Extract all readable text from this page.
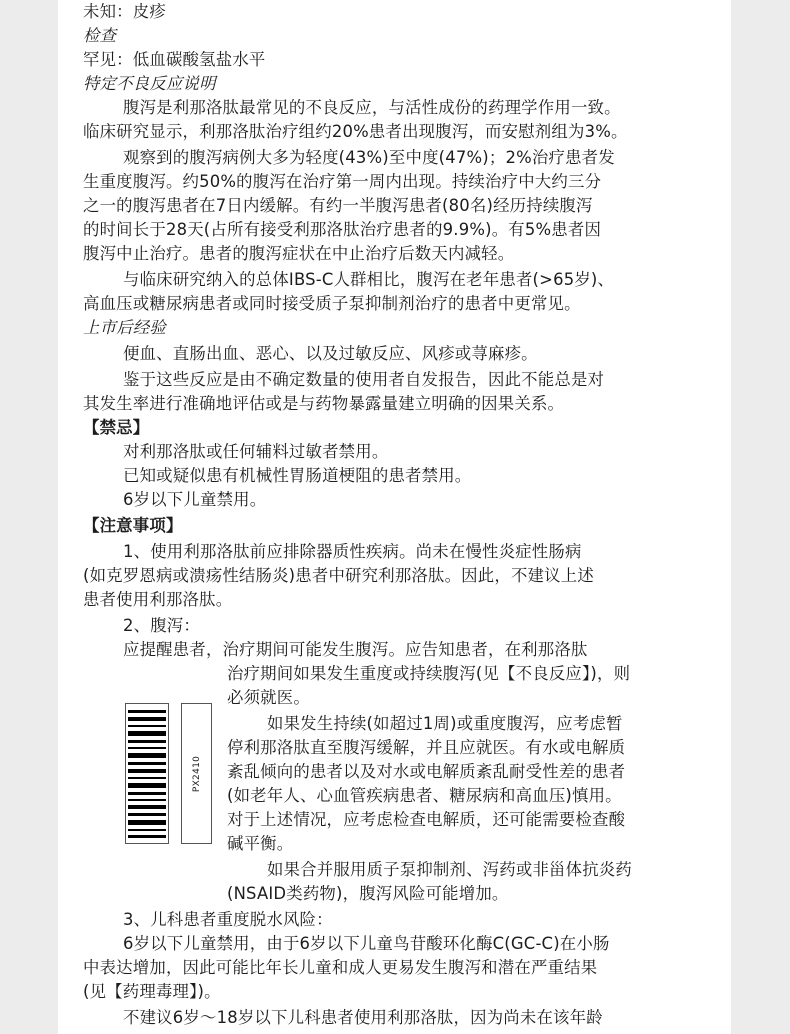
未知：皮疹
检查
罕见：低血碳酸氢盐水平
特定不良反应说明
腹泻是利那洛肽最常见的不良反应，与活性成份的药理学作用一致。
临床研究显示，利那洛肽治疗组约20%患者出现腹泻，而安慰剂组为3%。
观察到的腹泻病例大多为轻度(43%)至中度(47%)；2%治疗患者发
生重度腹泻。约50%的腹泻在治疗第一周内出现。持续治疗中大约三分
之一的腹泻患者在7日内缓解。有约一半腹泻患者(80名)经历持续腹泻
的时间长于28天(占所有接受利那洛肽治疗患者的9.9%)。有5%患者因
腹泻中止治疗。患者的腹泻症状在中止治疗后数天内减轻。
与临床研究纳入的总体IBS-C人群相比，腹泻在老年患者(>65岁)、
高血压或糖尿病患者或同时接受质子泵抑制剂治疗的患者中更常见。
上市后经验
便血、直肠出血、恶心、以及过敏反应、风疹或荨麻疹。
鉴于这些反应是由不确定数量的使用者自发报告，因此不能总是对
其发生率进行准确地评估或是与药物暴露量建立明确的因果关系。
【禁忌】
对利那洛肽或任何辅料过敏者禁用。
已知或疑似患有机械性胃肠道梗阻的患者禁用。
6岁以下儿童禁用。
【注意事项】
1、使用利那洛肽前应排除器质性疾病。尚未在慢性炎症性肠病
(如克罗恩病或溃疡性结肠炎)患者中研究利那洛肽。因此，不建议上述
患者使用利那洛肽。
2、腹泻：
应提醒患者，治疗期间可能发生腹泻。应告知患者，在利那洛肽
治疗期间如果发生重度或持续腹泻(见【不良反应】)，则
必须就医。
如果发生持续(如超过1周)或重度腹泻，应考虑暂
停利那洛肽直至腹泻缓解，并且应就医。有水或电解质
紊乱倾向的患者以及对水或电解质紊乱耐受性差的患者
(如老年人、心血管疾病患者、糖尿病和高血压)慎用。
对于上述情况，应考虑检查电解质，还可能需要检查酸
碱平衡。
如果合并服用质子泵抑制剂、泻药或非甾体抗炎药
(NSAID类药物)，腹泻风险可能增加。
3、儿科患者重度脱水风险：
6岁以下儿童禁用，由于6岁以下儿童鸟苷酸环化酶C(GC-C)在小肠
中表达增加，因此可能比年长儿童和成人更易发生腹泻和潜在严重结果
(见【药理毒理】)。
不建议6岁～18岁以下儿科患者使用利那洛肽，因为尚未在该年龄
PX2410
